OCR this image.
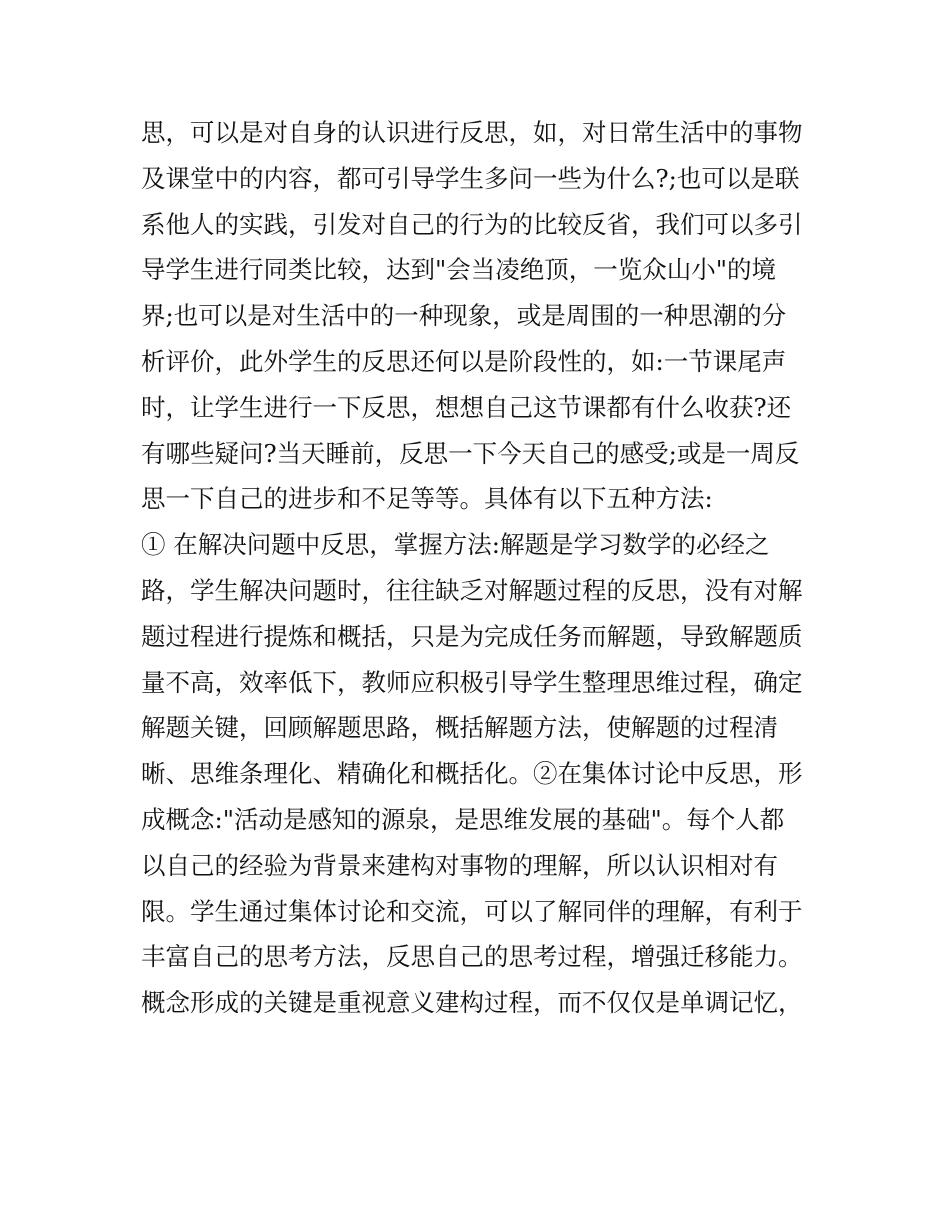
思，可以是对自身的认识进行反思，如，对日常生活中的事物
及课堂中的内容，都可引导学生多问一些为什么?;也可以是联
系他人的实践，引发对自己的行为的比较反省，我们可以多引
导学生进行同类比较，达到"会当凌绝顶，一览众山小"的境
界;也可以是对生活中的一种现象，或是周围的一种思潮的分
析评价，此外学生的反思还何以是阶段性的，如:一节课尾声
时，让学生进行一下反思，想想自己这节课都有什么收获?还
有哪些疑问?当天睡前，反思一下今天自己的感受;或是一周反
思一下自己的进步和不足等等。具体有以下五种方法:
① 在解决问题中反思，掌握方法:解题是学习数学的必经之
路，学生解决问题时，往往缺乏对解题过程的反思，没有对解
题过程进行提炼和概括，只是为完成任务而解题，导致解题质
量不高，效率低下，教师应积极引导学生整理思维过程，确定
解题关键，回顾解题思路，概括解题方法，使解题的过程清
晰、思维条理化、精确化和概括化。②在集体讨论中反思，形
成概念:"活动是感知的源泉，是思维发展的基础"。每个人都
以自己的经验为背景来建构对事物的理解，所以认识相对有
限。学生通过集体讨论和交流，可以了解同伴的理解，有利于
丰富自己的思考方法，反思自己的思考过程，增强迁移能力。
概念形成的关键是重视意义建构过程，而不仅仅是单调记忆，
